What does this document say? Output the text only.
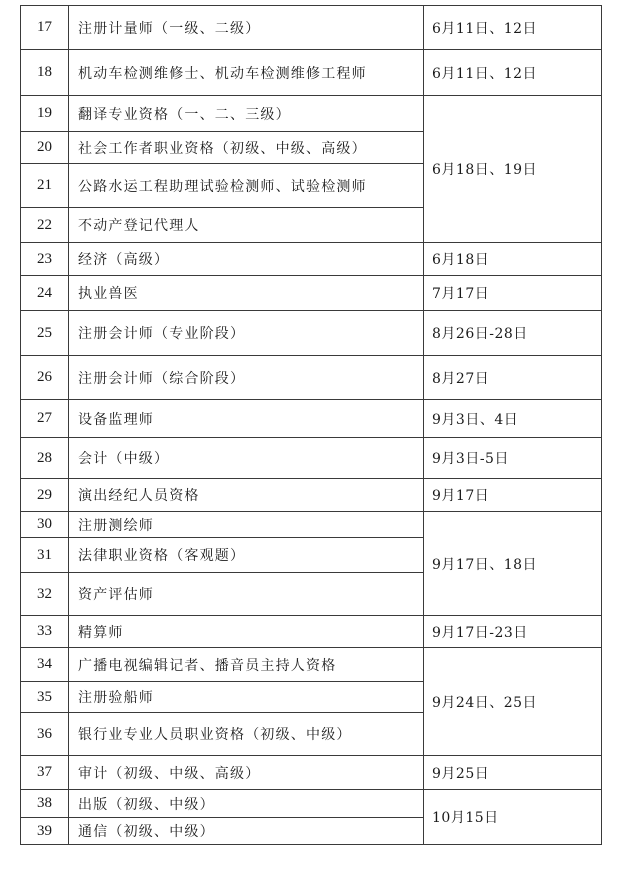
17	注册计量师（一级、二级）	6月11日、12日
18	机动车检测维修士、机动车检测维修工程师	6月11日、12日
19	翻译专业资格（一、二、三级）	6月18日、19日
20	社会工作者职业资格（初级、中级、高级）	
21	公路水运工程助理试验检测师、试验检测师	
22	不动产登记代理人	
23	经济（高级）	6月18日
24	执业兽医	7月17日
25	注册会计师（专业阶段）	8月26日-28日
26	注册会计师（综合阶段）	8月27日
27	设备监理师	9月3日、4日
28	会计（中级）	9月3日-5日
29	演出经纪人员资格	9月17日
30	注册测绘师	9月17日、18日
31	法律职业资格（客观题）	
32	资产评估师	
33	精算师	9月17日-23日
34	广播电视编辑记者、播音员主持人资格	9月24日、25日
35	注册验船师	
36	银行业专业人员职业资格（初级、中级）	
37	审计（初级、中级、高级）	9月25日
38	出版（初级、中级）	10月15日
39	通信（初级、中级）	
